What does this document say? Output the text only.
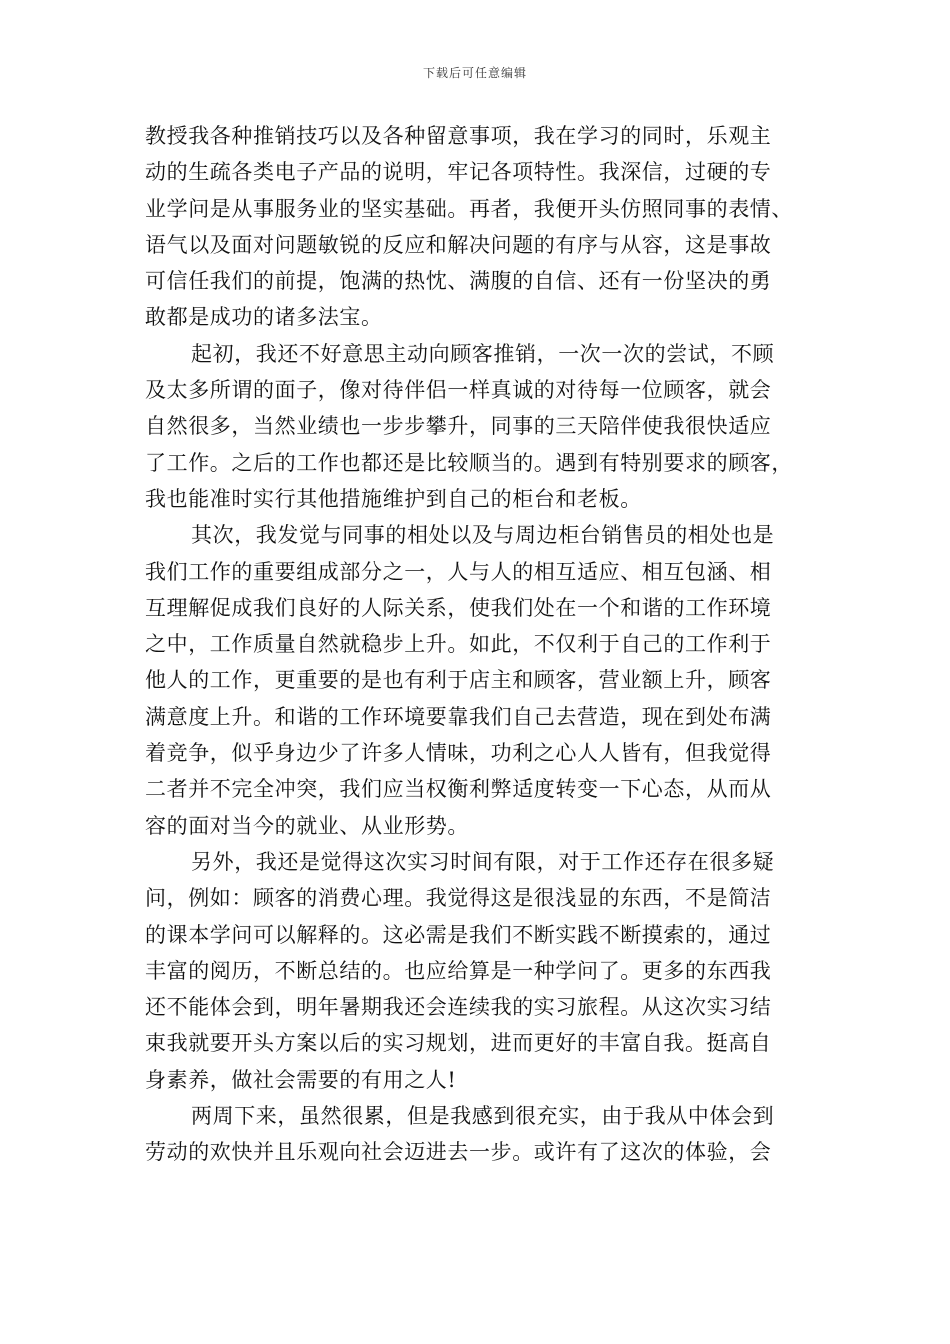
下载后可任意编辑
教授我各种推销技巧以及各种留意事项，我在学习的同时，乐观主
动的生疏各类电子产品的说明，牢记各项特性。我深信，过硬的专
业学问是从事服务业的坚实基础。再者，我便开头仿照同事的表情、
语气以及面对问题敏锐的反应和解决问题的有序与从容，这是事故
可信任我们的前提，饱满的热忱、满腹的自信、还有一份坚决的勇
敢都是成功的诸多法宝。
起初，我还不好意思主动向顾客推销，一次一次的尝试，不顾
及太多所谓的面子，像对待伴侣一样真诚的对待每一位顾客，就会
自然很多，当然业绩也一步步攀升，同事的三天陪伴使我很快适应
了工作。之后的工作也都还是比较顺当的。遇到有特别要求的顾客，
我也能准时实行其他措施维护到自己的柜台和老板。
其次，我发觉与同事的相处以及与周边柜台销售员的相处也是
我们工作的重要组成部分之一，人与人的相互适应、相互包涵、相
互理解促成我们良好的人际关系，使我们处在一个和谐的工作环境
之中，工作质量自然就稳步上升。如此，不仅利于自己的工作利于
他人的工作，更重要的是也有利于店主和顾客，营业额上升，顾客
满意度上升。和谐的工作环境要靠我们自己去营造，现在到处布满
着竞争，似乎身边少了许多人情味，功利之心人人皆有，但我觉得
二者并不完全冲突，我们应当权衡利弊适度转变一下心态，从而从
容的面对当今的就业、从业形势。
另外，我还是觉得这次实习时间有限，对于工作还存在很多疑
问，例如：顾客的消费心理。我觉得这是很浅显的东西，不是简洁
的课本学问可以解释的。这必需是我们不断实践不断摸索的，通过
丰富的阅历，不断总结的。也应给算是一种学问了。更多的东西我
还不能体会到，明年暑期我还会连续我的实习旅程。从这次实习结
束我就要开头方案以后的实习规划，进而更好的丰富自我。挺高自
身素养，做社会需要的有用之人!
两周下来，虽然很累，但是我感到很充实，由于我从中体会到
劳动的欢快并且乐观向社会迈进去一步。或许有了这次的体验，会
